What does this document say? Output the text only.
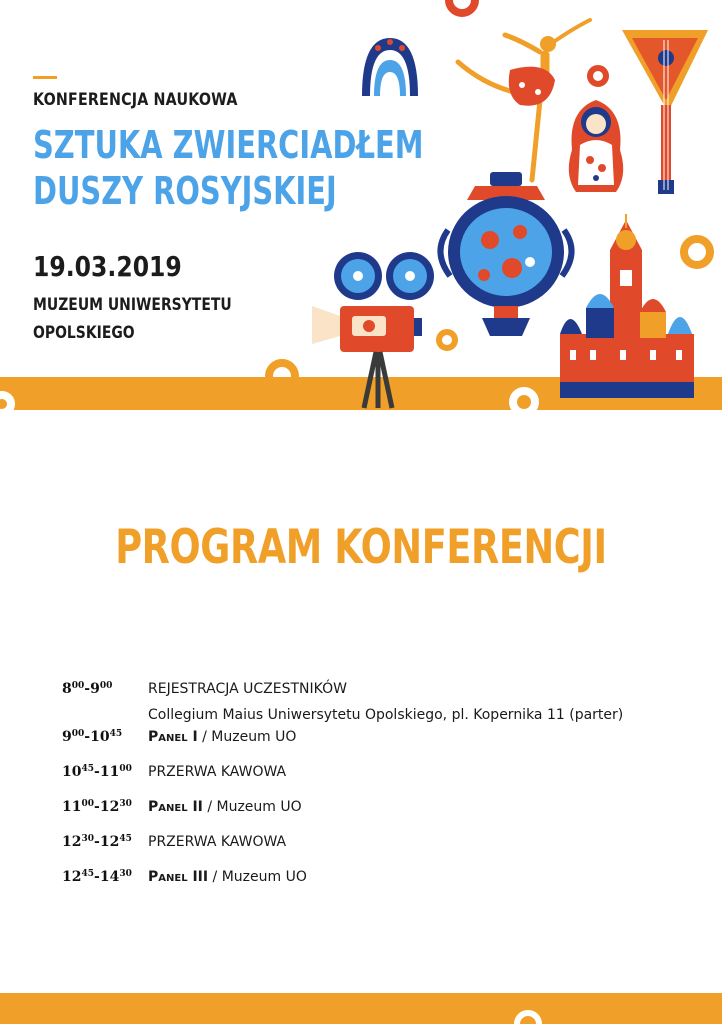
KONFERENCJA NAUKOWA
SZTUKA ZWIERCIADŁEM
DUSZY ROSYJSKIEJ
19.03.2019
MUZEUM UNIWERSYTETU
OPOLSKIEGO
PROGRAM KONFERENCJI
$8^{00}-9^{00}$	REJESTRACJA UCZESTNIKÓW
Collegium Maius Uniwersytetu Opolskiego, pl. Kopernika 11 (parter)
$9^{00}-10^{45}$	Panel I / Muzeum UO
$10^{45}-11^{00}$	PRZERWA KAWOWA
$11^{00}-12^{30}$	Panel II / Muzeum UO
$12^{30}-12^{45}$	PRZERWA KAWOWA
$12^{45}-14^{30}$	Panel III / Muzeum UO
